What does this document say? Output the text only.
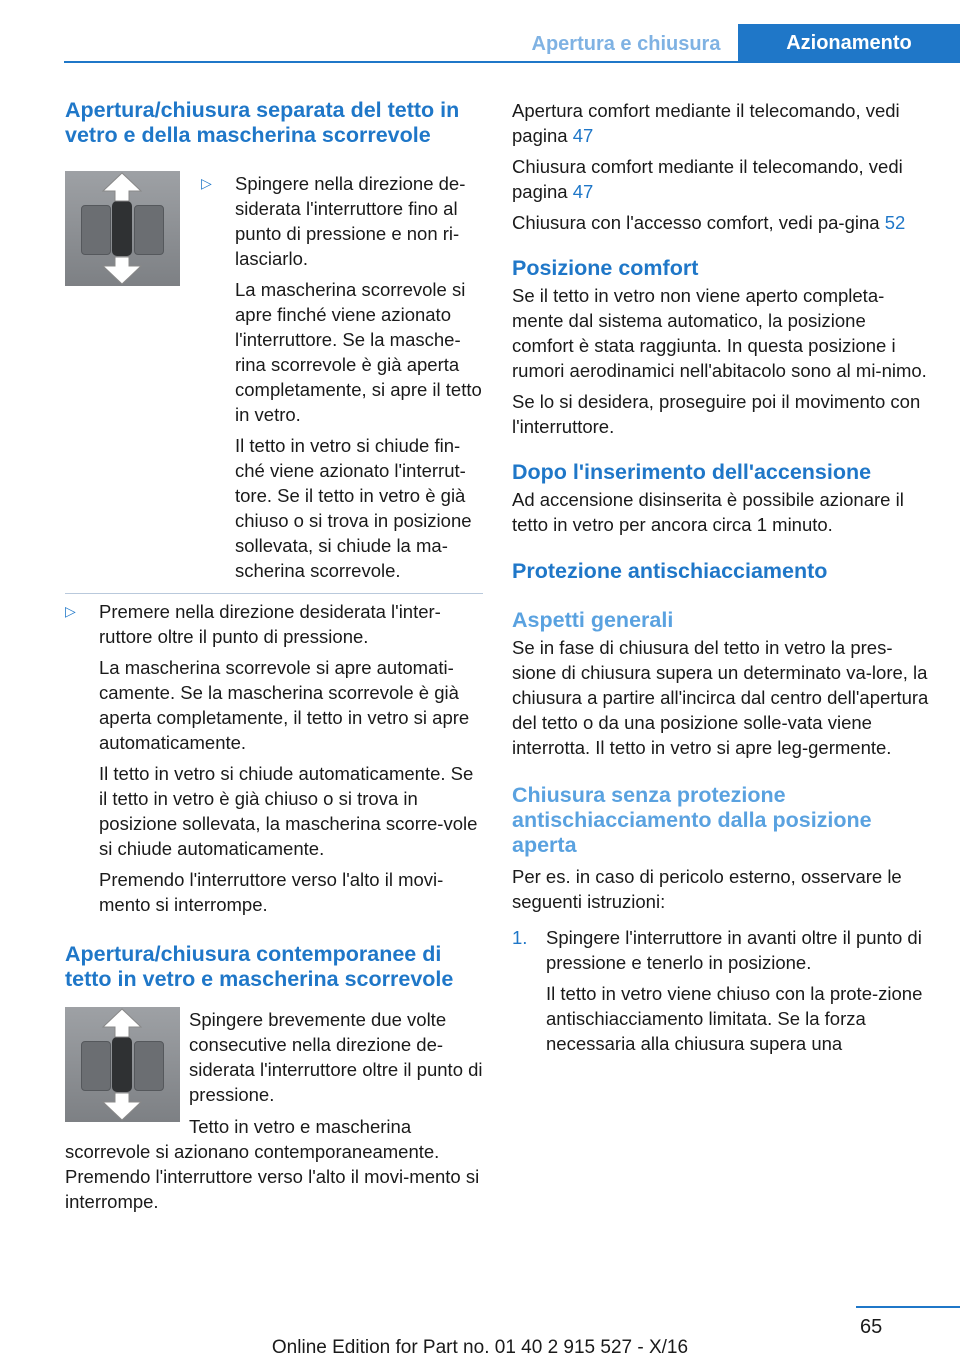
Apertura e chiusura	Azionamento
Apertura/chiusura separata del tetto in vetro e della mascherina scorrevole
▷ Spingere nella direzione de-siderata l'interruttore fino al punto di pressione e non ri-lasciarlo.

La mascherina scorrevole si apre finché viene azionato l'interruttore. Se la masche-rina scorrevole è già aperta completamente, si apre il tetto in vetro.

Il tetto in vetro si chiude fin-ché viene azionato l'interrut-tore. Se il tetto in vetro è già chiuso o si trova in posizione sollevata, si chiude la ma-scherina scorrevole.

▷ Premere nella direzione desiderata l'inter-ruttore oltre il punto di pressione.

La mascherina scorrevole si apre automati-camente. Se la mascherina scorrevole è già aperta completamente, il tetto in vetro si apre automaticamente.

Il tetto in vetro si chiude automaticamente. Se il tetto in vetro è già chiuso o si trova in posizione sollevata, la mascherina scorre-vole si chiude automaticamente.

Premendo l'interruttore verso l'alto il movi-mento si interrompe.

Apertura/chiusura contemporanee di tetto in vetro e mascherina scorrevole

Spingere brevemente due volte consecutive nella direzione de-siderata l'interruttore oltre il punto di pressione.

Tetto in vetro e mascherina scorrevole si azionano contemporaneamente. Premendo l'interruttore verso l'alto il movi-mento si interrompe.

Apertura comfort mediante il telecomando, vedi pagina 47

Chiusura comfort mediante il telecomando, vedi pagina 47

Chiusura con l'accesso comfort, vedi pa-gina 52

Posizione comfort

Se il tetto in vetro non viene aperto completa-mente dal sistema automatico, la posizione comfort è stata raggiunta. In questa posizione i rumori aerodinamici nell'abitacolo sono al mi-nimo.

Se lo si desidera, proseguire poi il movimento con l'interruttore.

Dopo l'inserimento dell'accensione

Ad accensione disinserita è possibile azionare il tetto in vetro per ancora circa 1 minuto.

Protezione antischiacciamento
Aspetti generali

Se in fase di chiusura del tetto in vetro la pres-sione di chiusura supera un determinato va-lore, la chiusura a partire all'incirca dal centro dell'apertura del tetto o da una posizione solle-vata viene interrotta. Il tetto in vetro si apre leg-germente.

Chiusura senza protezione antischiacciamento dalla posizione aperta

Per es. in caso di pericolo esterno, osservare le seguenti istruzioni:

1. Spingere l'interruttore in avanti oltre il punto di pressione e tenerlo in posizione.

Il tetto in vetro viene chiuso con la prote-zione antischiacciamento limitata. Se la forza necessaria alla chiusura supera una

65
Online Edition for Part no. 01 40 2 915 527 - X/16
